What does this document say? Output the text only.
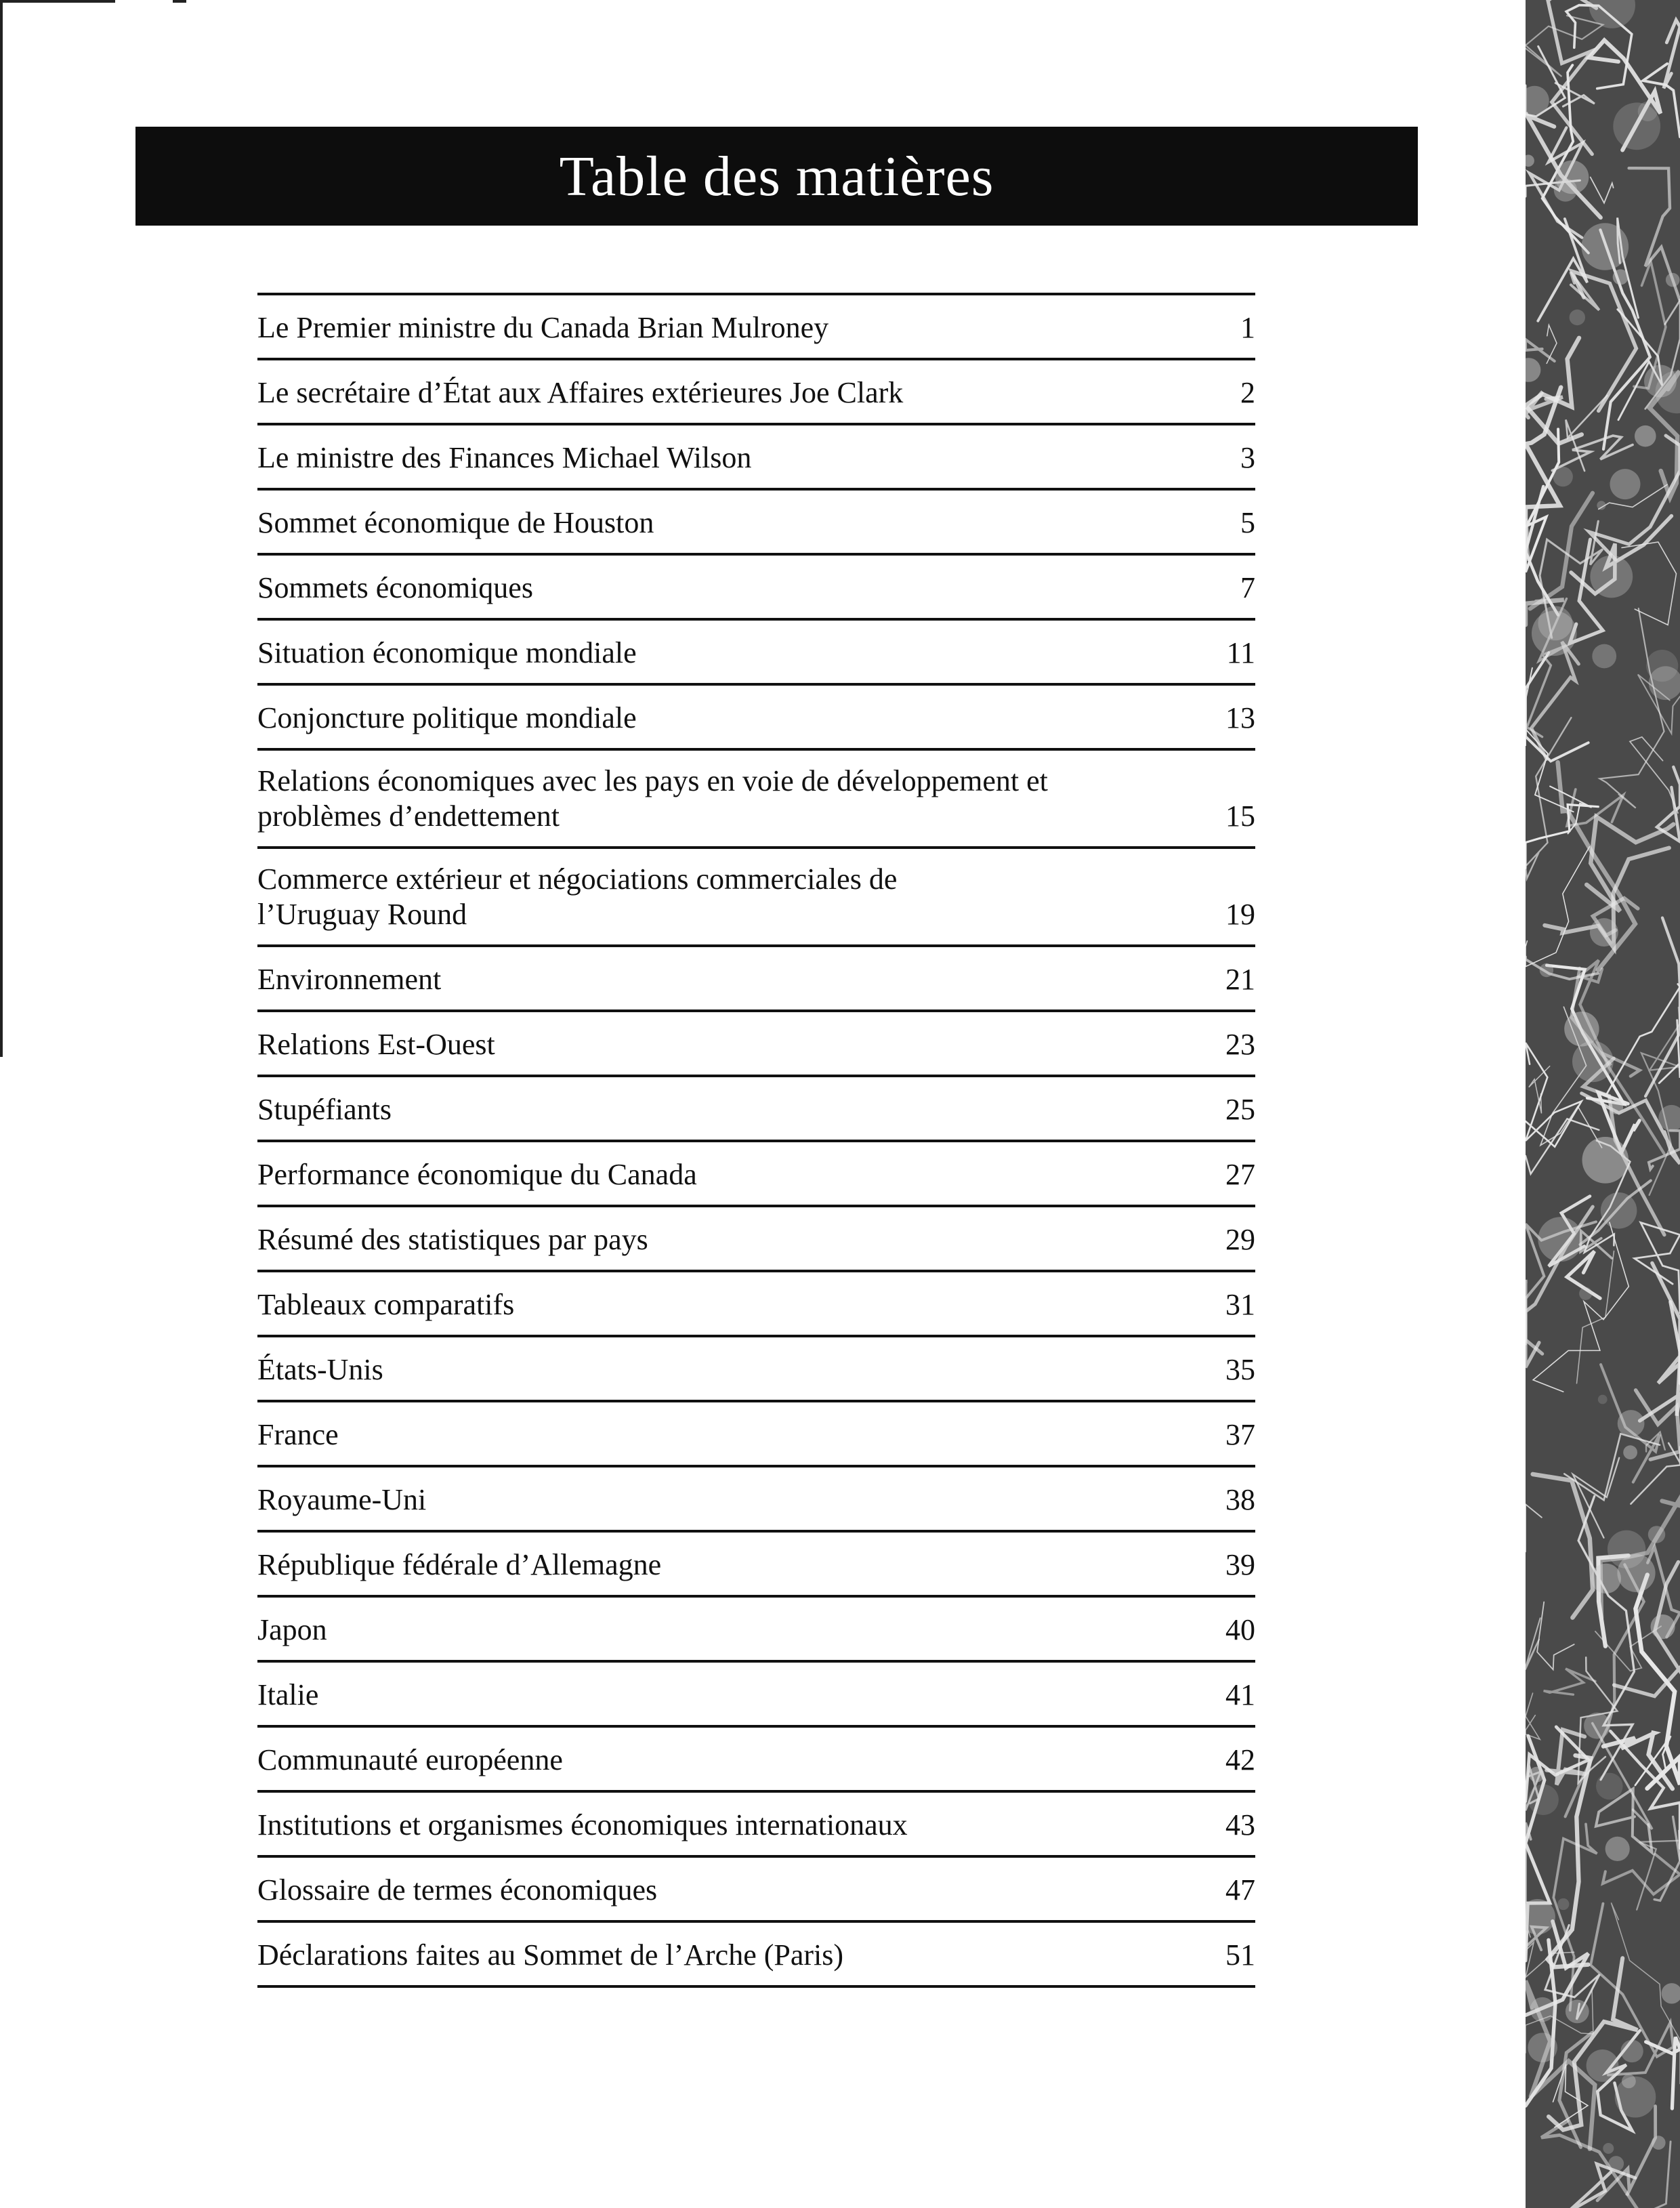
Table des matières
Le Premier ministre du Canada Brian Mulroney	1
Le secrétaire d’État aux Affaires extérieures Joe Clark	2
Le ministre des Finances Michael Wilson	3
Sommet économique de Houston	5
Sommets économiques	7
Situation économique mondiale	11
Conjoncture politique mondiale	13
Relations économiques avec les pays en voie de développement et
problèmes d’endettement	15
Commerce extérieur et négociations commerciales de
l’Uruguay Round	19
Environnement	21
Relations Est-Ouest	23
Stupéfiants	25
Performance économique du Canada	27
Résumé des statistiques par pays	29
Tableaux comparatifs	31
États-Unis	35
France	37
Royaume-Uni	38
République fédérale d’Allemagne	39
Japon	40
Italie	41
Communauté européenne	42
Institutions et organismes économiques internationaux	43
Glossaire de termes économiques	47
Déclarations faites au Sommet de l’Arche (Paris)	51
